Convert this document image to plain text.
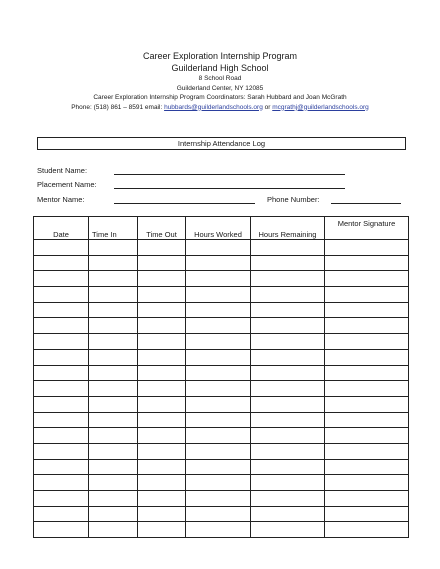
Career Exploration Internship Program
Guilderland High School
8 School Road
Guilderland Center, NY 12085
Career Exploration Internship Program Coordinators: Sarah Hubbard and Joan McGrath
Phone: (518) 861 – 8591 email: hubbards@guilderlandschools.org or mcgrathj@guilderlandschools.org
Internship Attendance Log
Student Name:
Placement Name:
Mentor Name:	Phone Number:
Date	Time In	Time Out	Hours Worked	Hours Remaining	Mentor Signature
